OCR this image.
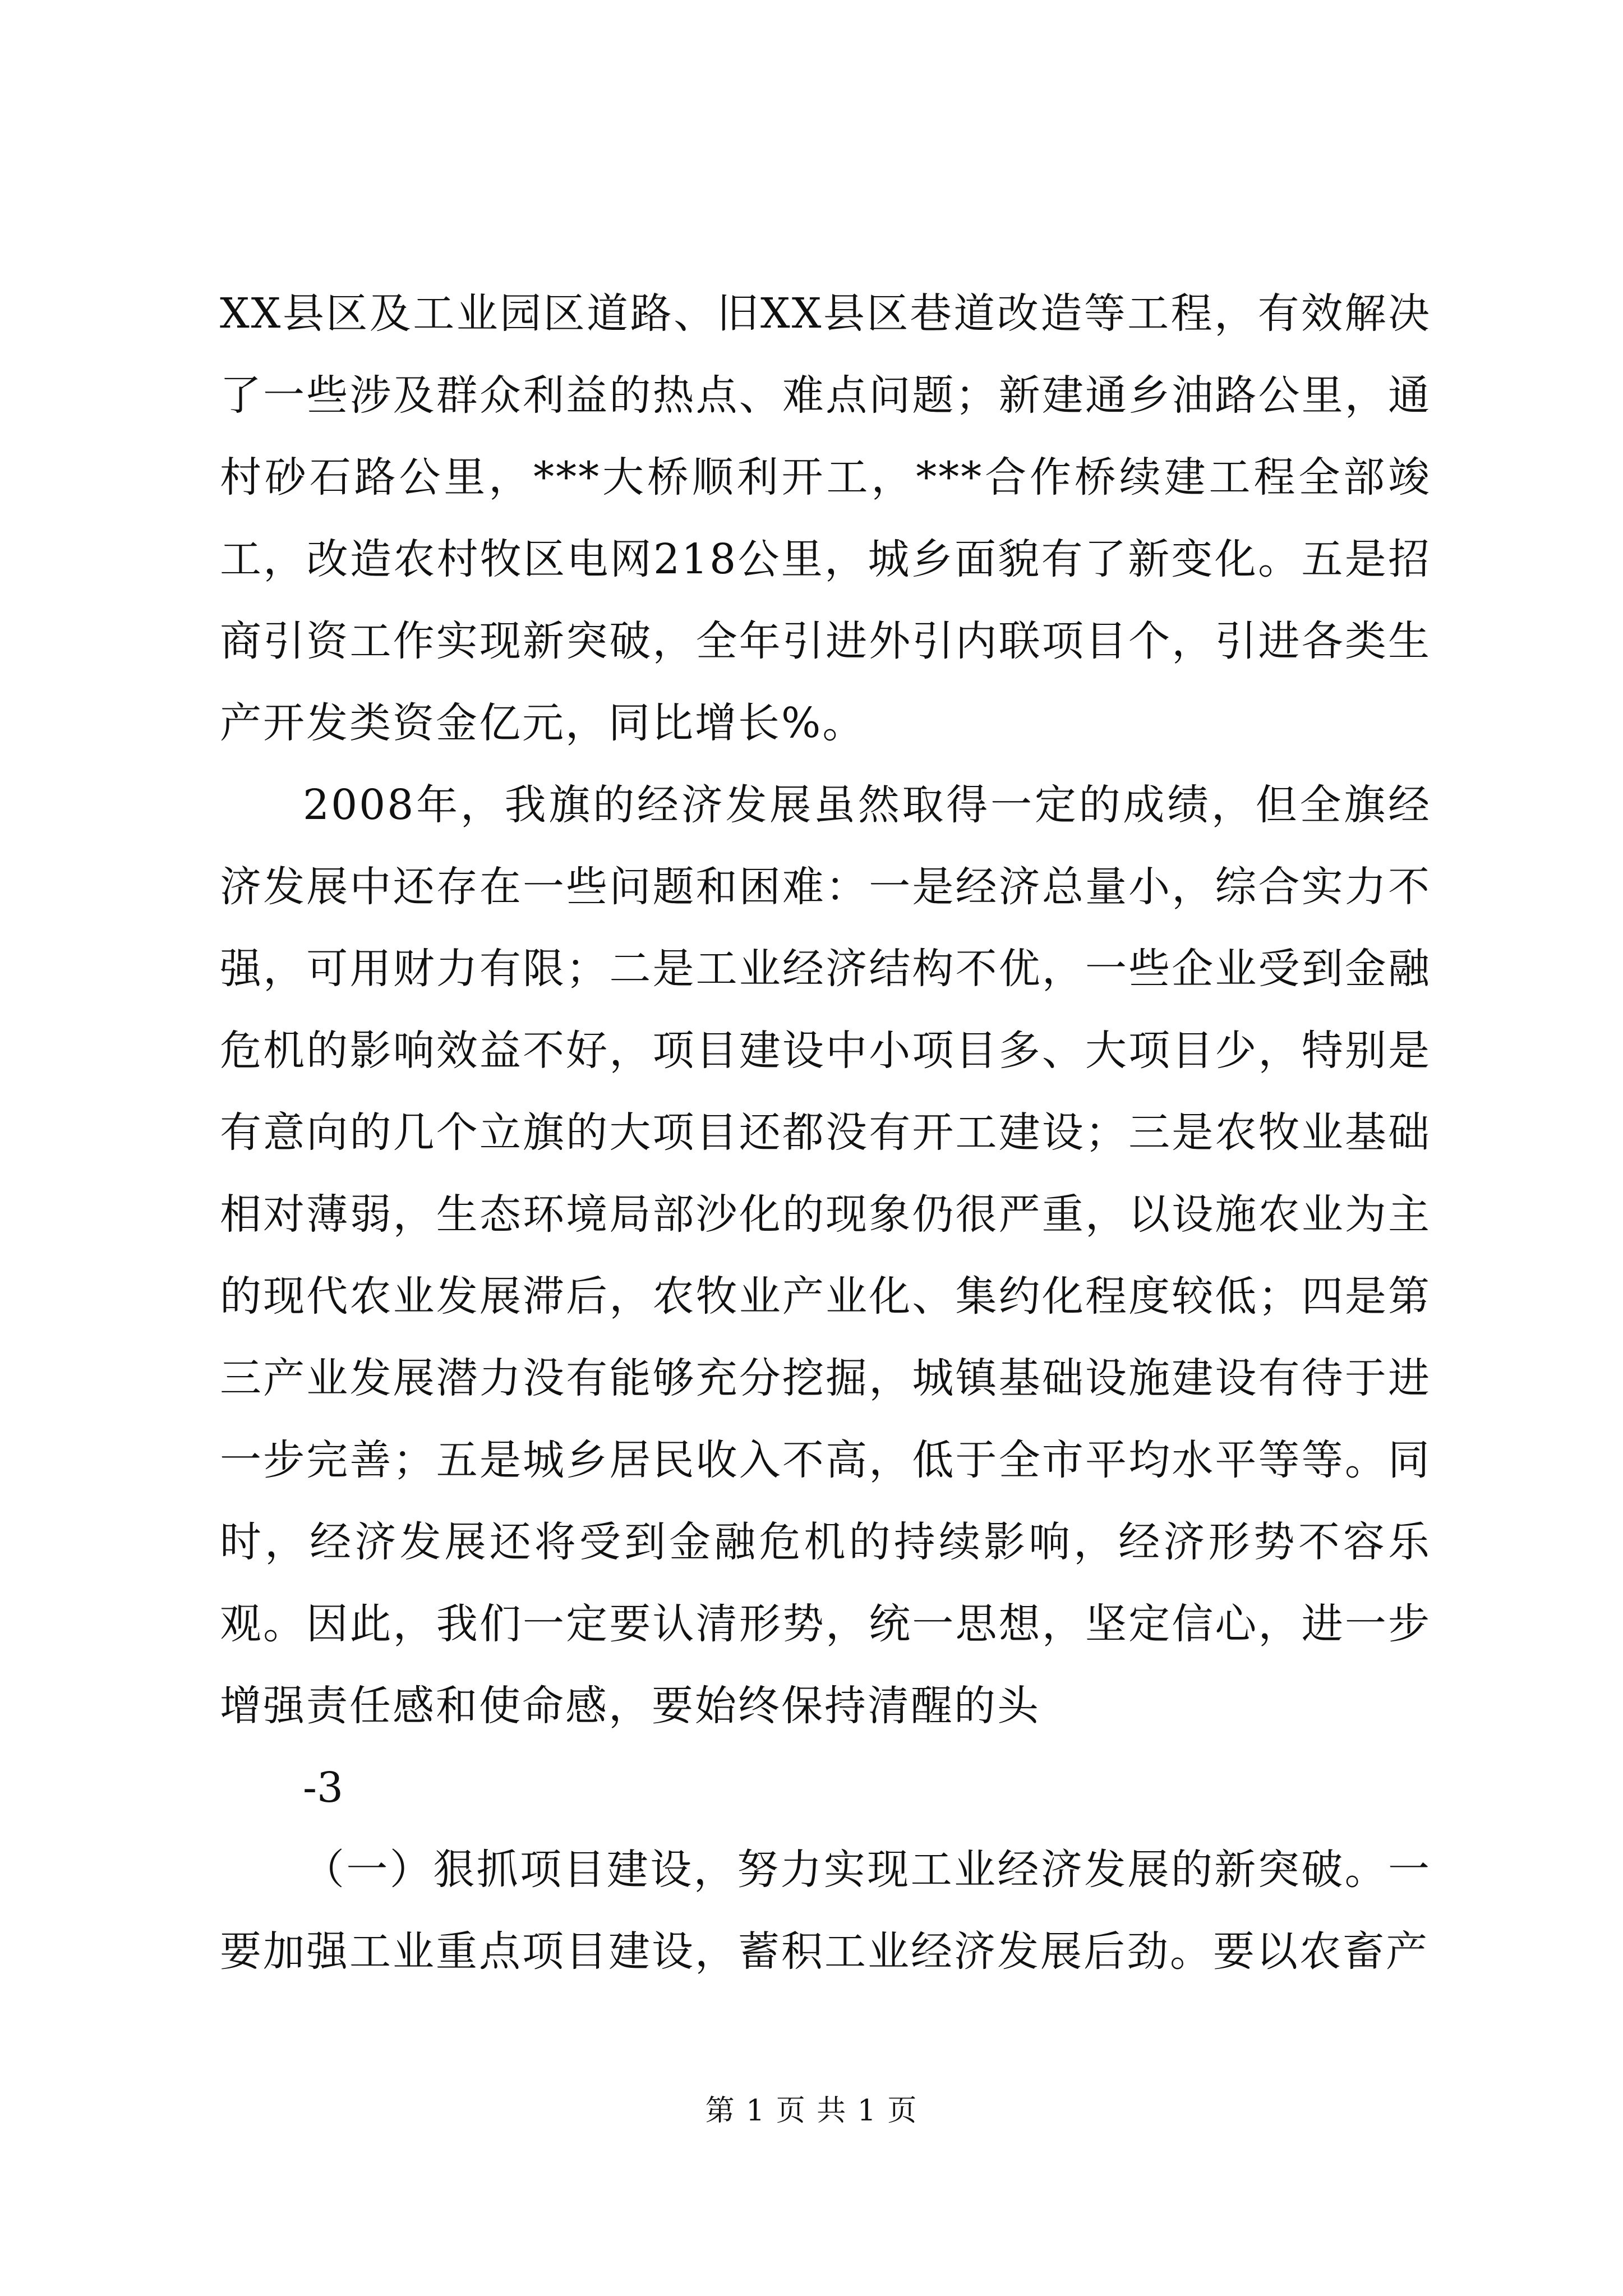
XX县区及工业园区道路、旧XX县区巷道改造等工程，有效解决了一些涉及群众利益的热点、难点问题；新建通乡油路公里，通村砂石路公里，***大桥顺利开工，***合作桥续建工程全部竣工，改造农村牧区电网218公里，城乡面貌有了新变化。五是招商引资工作实现新突破，全年引进外引内联项目个，引进各类生产开发类资金亿元，同比增长%。

2008年，我旗的经济发展虽然取得一定的成绩，但全旗经济发展中还存在一些问题和困难：一是经济总量小，综合实力不强，可用财力有限；二是工业经济结构不优，一些企业受到金融危机的影响效益不好，项目建设中小项目多、大项目少，特别是有意向的几个立旗的大项目还都没有开工建设；三是农牧业基础相对薄弱，生态环境局部沙化的现象仍很严重，以设施农业为主的现代农业发展滞后，农牧业产业化、集约化程度较低；四是第三产业发展潜力没有能够充分挖掘，城镇基础设施建设有待于进一步完善；五是城乡居民收入不高，低于全市平均水平等等。同时，经济发展还将受到金融危机的持续影响，经济形势不容乐观。因此，我们一定要认清形势，统一思想，坚定信心，进一步增强责任感和使命感，要始终保持清醒的头

-3

（一）狠抓项目建设，努力实现工业经济发展的新突破。一要加强工业重点项目建设，蓄积工业经济发展后劲。要以农畜产

第 1 页 共 1 页
